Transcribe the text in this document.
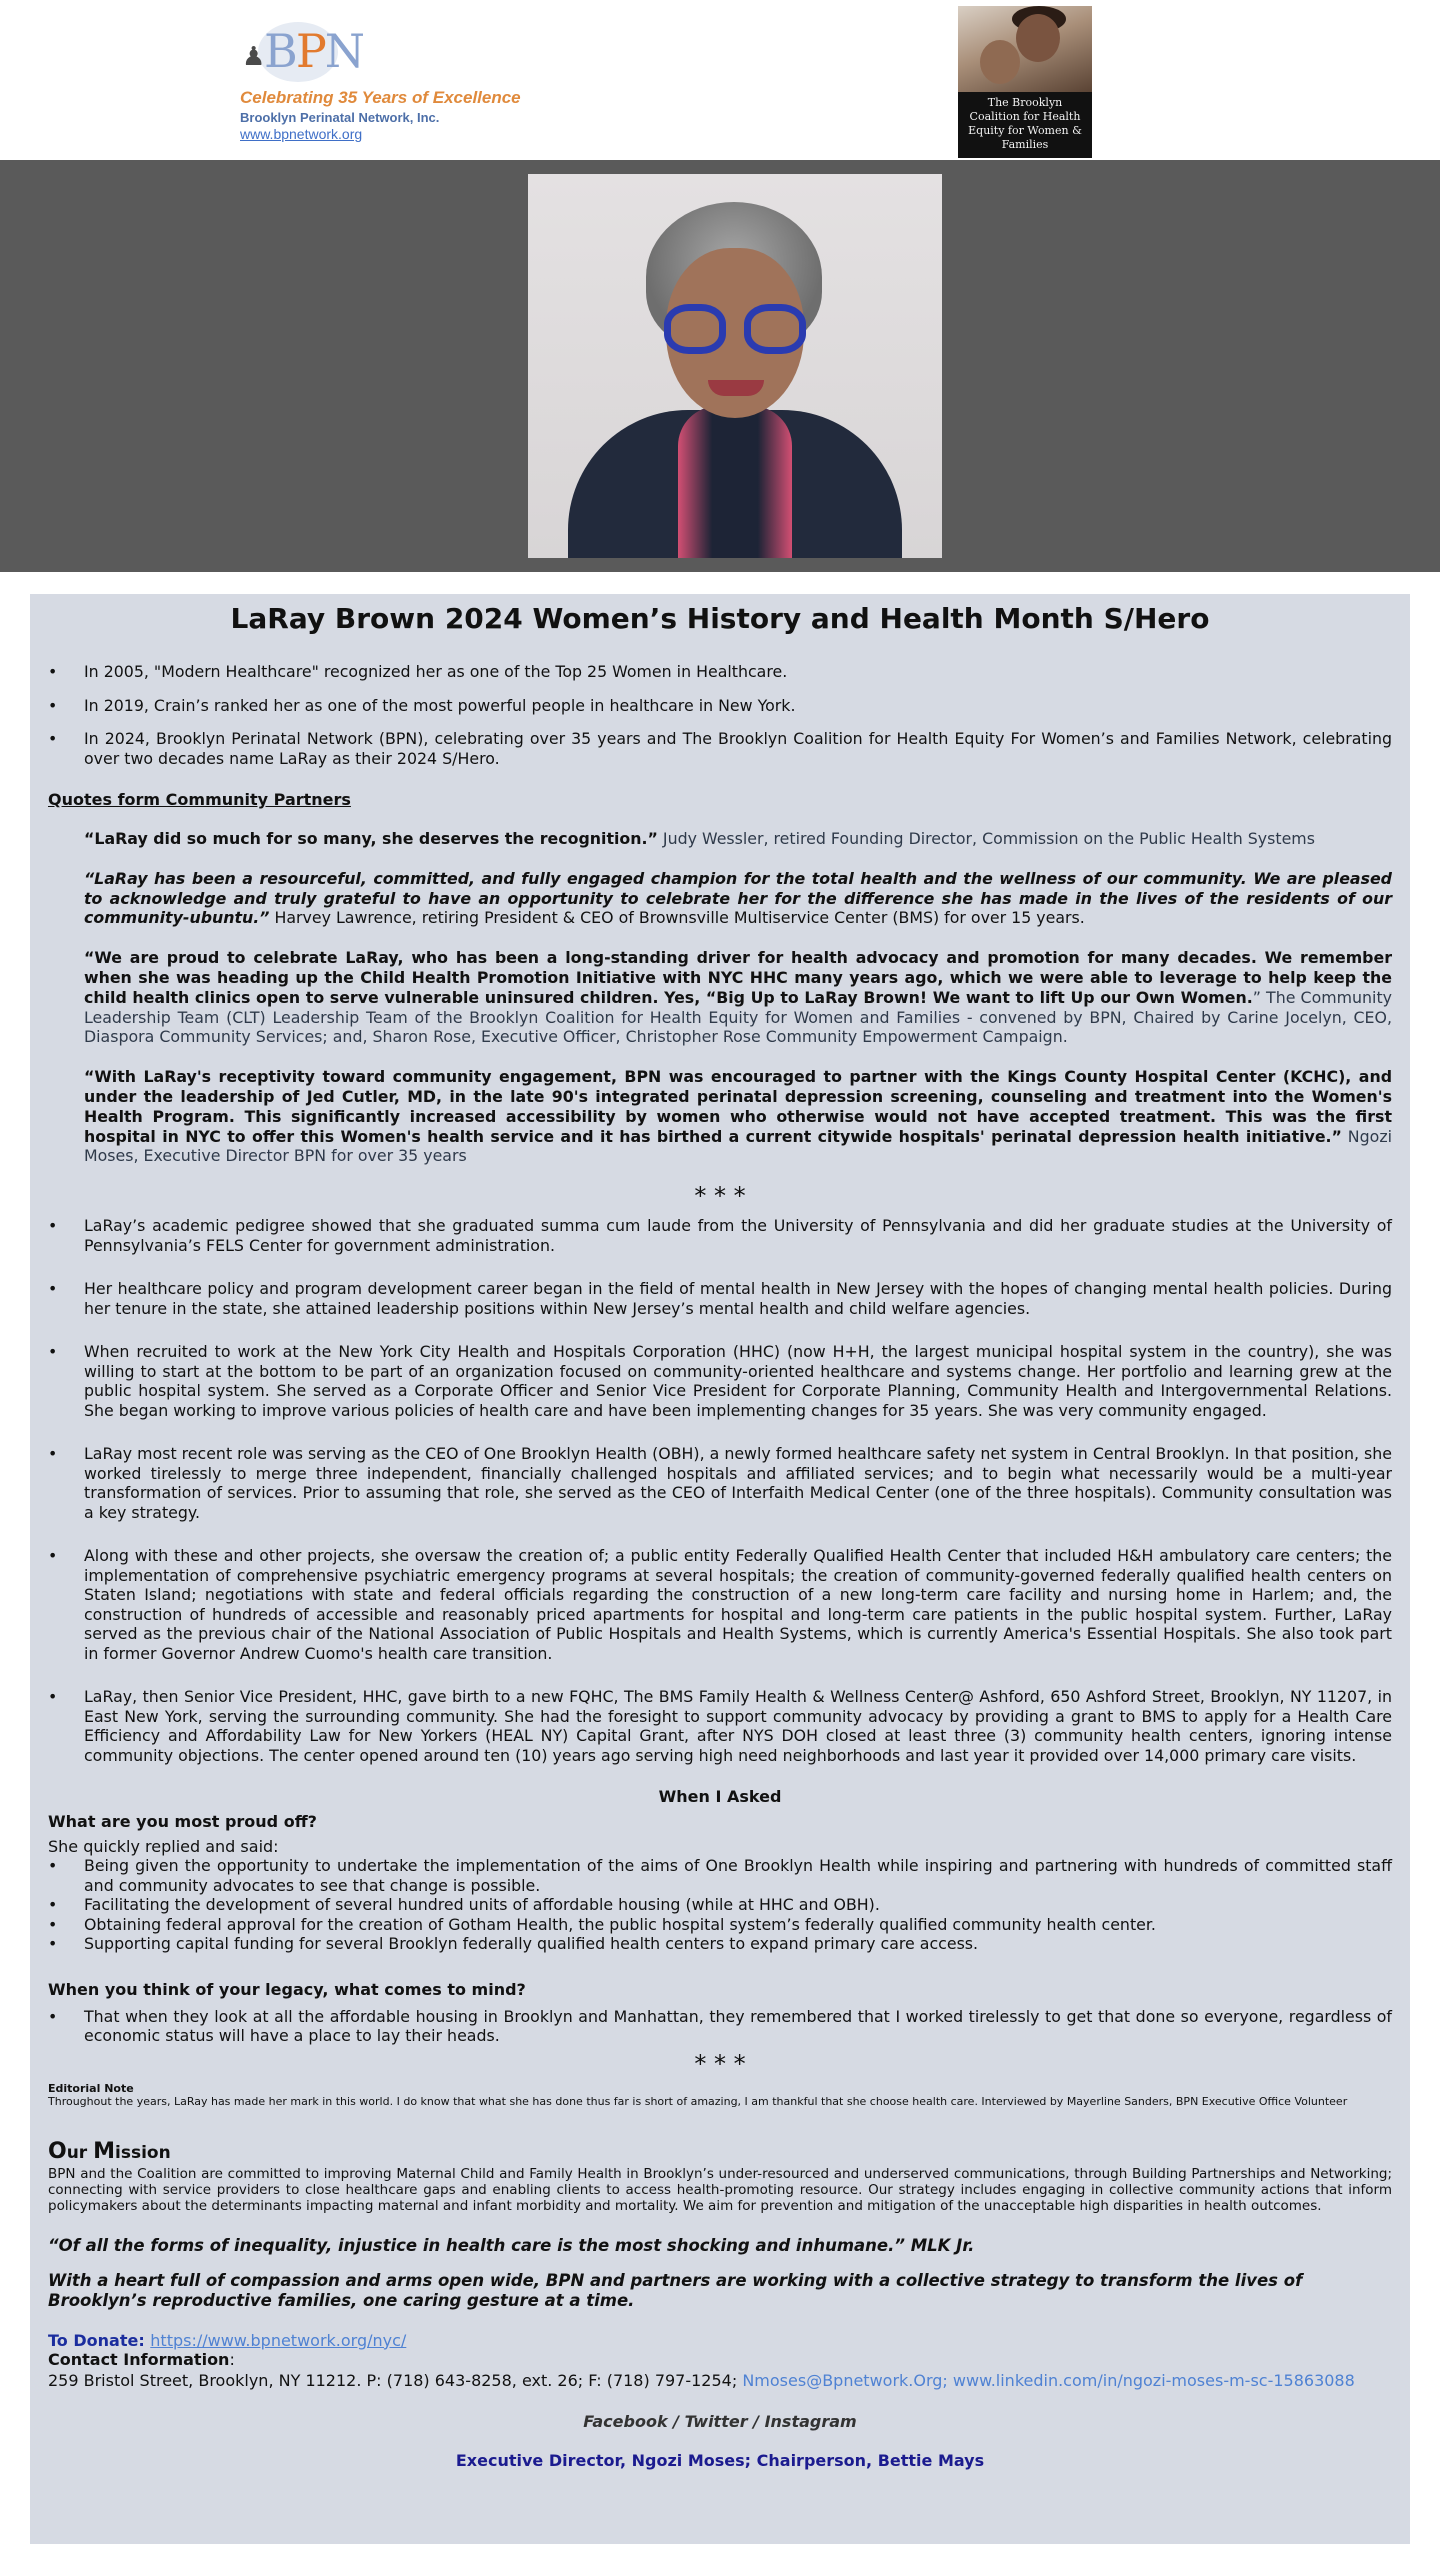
♟
BPN
Celebrating 35 Years of Excellence
Brooklyn Perinatal Network, Inc.
www.bpnetwork.org
The Brooklyn Coalition for Health Equity for Women & Families
LaRay Brown 2024 Women’s History and Health Month S/Hero
• In 2005, "Modern Healthcare" recognized her as one of the Top 25 Women in Healthcare.
• In 2019, Crain’s ranked her as one of the most powerful people in healthcare in New York.
• In 2024, Brooklyn Perinatal Network (BPN), celebrating over 35 years and The Brooklyn Coalition for Health Equity For Women’s and Families Network, celebrating over two decades name LaRay as their 2024 S/Hero.
Quotes form Community Partners

“LaRay did so much for so many, she deserves the recognition.” Judy Wessler, retired Founding Director, Commission on the Public Health Systems

“LaRay has been a resourceful, committed, and fully engaged champion for the total health and the wellness of our community. We are pleased to acknowledge and truly grateful to have an opportunity to celebrate her for the difference she has made in the lives of the residents of our community-ubuntu.” Harvey Lawrence, retiring President & CEO of Brownsville Multiservice Center (BMS) for over 15 years.

“We are proud to celebrate LaRay, who has been a long-standing driver for health advocacy and promotion for many decades. We remember when she was heading up the Child Health Promotion Initiative with NYC HHC many years ago, which we were able to leverage to help keep the child health clinics open to serve vulnerable uninsured children. Yes, “Big Up to LaRay Brown! We want to lift Up our Own Women.” The Community Leadership Team (CLT) Leadership Team of the Brooklyn Coalition for Health Equity for Women and Families - convened by BPN, Chaired by Carine Jocelyn, CEO, Diaspora Community Services; and, Sharon Rose, Executive Officer, Christopher Rose Community Empowerment Campaign.

“With LaRay's receptivity toward community engagement, BPN was encouraged to partner with the Kings County Hospital Center (KCHC), and under the leadership of Jed Cutler, MD, in the late 90's integrated perinatal depression screening, counseling and treatment into the Women's Health Program. This significantly increased accessibility by women who otherwise would not have accepted treatment. This was the first hospital in NYC to offer this Women's health service and it has birthed a current citywide hospitals' perinatal depression health initiative.” Ngozi Moses, Executive Director BPN for over 35 years

* * *
• LaRay’s academic pedigree showed that she graduated summa cum laude from the University of Pennsylvania and did her graduate studies at the University of Pennsylvania’s FELS Center for government administration.
• Her healthcare policy and program development career began in the field of mental health in New Jersey with the hopes of changing mental health policies. During her tenure in the state, she attained leadership positions within New Jersey’s mental health and child welfare agencies.
• When recruited to work at the New York City Health and Hospitals Corporation (HHC) (now H+H, the largest municipal hospital system in the country), she was willing to start at the bottom to be part of an organization focused on community-oriented healthcare and systems change. Her portfolio and learning grew at the public hospital system. She served as a Corporate Officer and Senior Vice President for Corporate Planning, Community Health and Intergovernmental Relations. She began working to improve various policies of health care and have been implementing changes for 35 years. She was very community engaged.
• LaRay most recent role was serving as the CEO of One Brooklyn Health (OBH), a newly formed healthcare safety net system in Central Brooklyn. In that position, she worked tirelessly to merge three independent, financially challenged hospitals and affiliated services; and to begin what necessarily would be a multi-year transformation of services. Prior to assuming that role, she served as the CEO of Interfaith Medical Center (one of the three hospitals). Community consultation was a key strategy.
• Along with these and other projects, she oversaw the creation of; a public entity Federally Qualified Health Center that included H&H ambulatory care centers; the implementation of comprehensive psychiatric emergency programs at several hospitals; the creation of community-governed federally qualified health centers on Staten Island; negotiations with state and federal officials regarding the construction of a new long-term care facility and nursing home in Harlem; and, the construction of hundreds of accessible and reasonably priced apartments for hospital and long-term care patients in the public hospital system. Further, LaRay served as the previous chair of the National Association of Public Hospitals and Health Systems, which is currently America's Essential Hospitals. She also took part in former Governor Andrew Cuomo's health care transition.
• LaRay, then Senior Vice President, HHC, gave birth to a new FQHC, The BMS Family Health & Wellness Center@ Ashford, 650 Ashford Street, Brooklyn, NY 11207, in East New York, serving the surrounding community. She had the foresight to support community advocacy by providing a grant to BMS to apply for a Health Care Efficiency and Affordability Law for New Yorkers (HEAL NY) Capital Grant, after NYS DOH closed at least three (3) community health centers, ignoring intense community objections. The center opened around ten (10) years ago serving high need neighborhoods and last year it provided over 14,000 primary care visits.
When I Asked
What are you most proud off?
She quickly replied and said:
• Being given the opportunity to undertake the implementation of the aims of One Brooklyn Health while inspiring and partnering with hundreds of committed staff and community advocates to see that change is possible.
• Facilitating the development of several hundred units of affordable housing (while at HHC and OBH).
• Obtaining federal approval for the creation of Gotham Health, the public hospital system’s federally qualified community health center.
• Supporting capital funding for several Brooklyn federally qualified health centers to expand primary care access.
When you think of your legacy, what comes to mind?
• That when they look at all the affordable housing in Brooklyn and Manhattan, they remembered that I worked tirelessly to get that done so everyone, regardless of economic status will have a place to lay their heads.
* * *
Editorial Note
Throughout the years, LaRay has made her mark in this world. I do know that what she has done thus far is short of amazing, I am thankful that she choose health care. Interviewed by Mayerline Sanders, BPN Executive Office Volunteer
Our Mission

BPN and the Coalition are committed to improving Maternal Child and Family Health in Brooklyn’s under-resourced and underserved communications, through Building Partnerships and Networking; connecting with service providers to close healthcare gaps and enabling clients to access health-promoting resource. Our strategy includes engaging in collective community actions that inform policymakers about the determinants impacting maternal and infant morbidity and mortality. We aim for prevention and mitigation of the unacceptable high disparities in health outcomes.

“Of all the forms of inequality, injustice in health care is the most shocking and inhumane.” MLK Jr.

With a heart full of compassion and arms open wide, BPN and partners are working with a collective strategy to transform the lives of Brooklyn’s reproductive families, one caring gesture at a time.

To Donate: https://www.bpnetwork.org/nyc/
Contact Information:
259 Bristol Street, Brooklyn, NY 11212. P: (718) 643-8258, ext. 26; F: (718) 797-1254; Nmoses@Bpnetwork.Org; www.linkedin.com/in/ngozi-moses-m-sc-15863088
Facebook / Twitter / Instagram
Executive Director, Ngozi Moses; Chairperson, Bettie Mays
